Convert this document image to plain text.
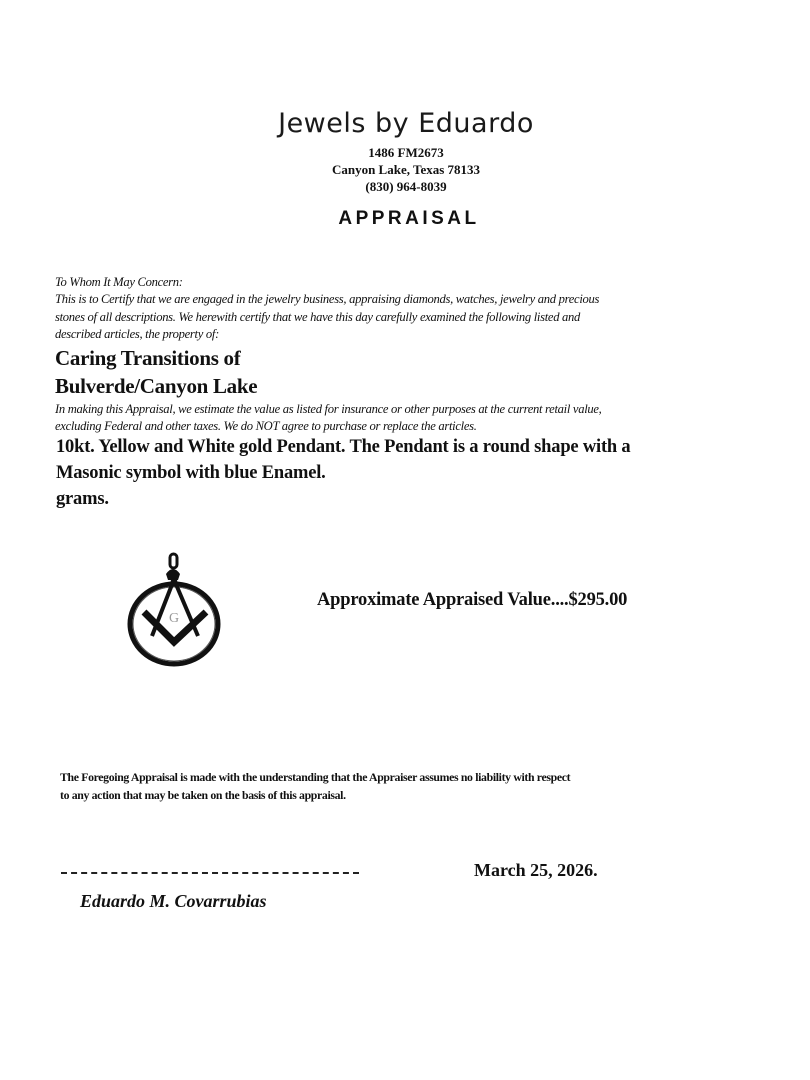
Jewels by Eduardo
1486 FM2673
Canyon Lake, Texas 78133
(830) 964-8039
APPRAISAL
To Whom It May Concern:
This is to Certify that we are engaged in the jewelry business, appraising diamonds, watches, jewelry and precious
stones of all descriptions. We herewith certify that we have this day carefully examined the following listed and
described articles, the property of:
Caring Transitions of
Bulverde/Canyon Lake
In making this Appraisal, we estimate the value as listed for insurance or other purposes at the current retail value,
excluding Federal and other taxes. We do NOT agree to purchase or replace the articles.
10kt. Yellow and White gold Pendant. The Pendant is a round shape with a
Masonic symbol with blue Enamel.
grams.
G
Approximate Appraised Value....$295.00
The Foregoing Appraisal is made with the understanding that the Appraiser assumes no liability with respect
to any action that may be taken on the basis of this appraisal.
March 25, 2026.
Eduardo M. Covarrubias
